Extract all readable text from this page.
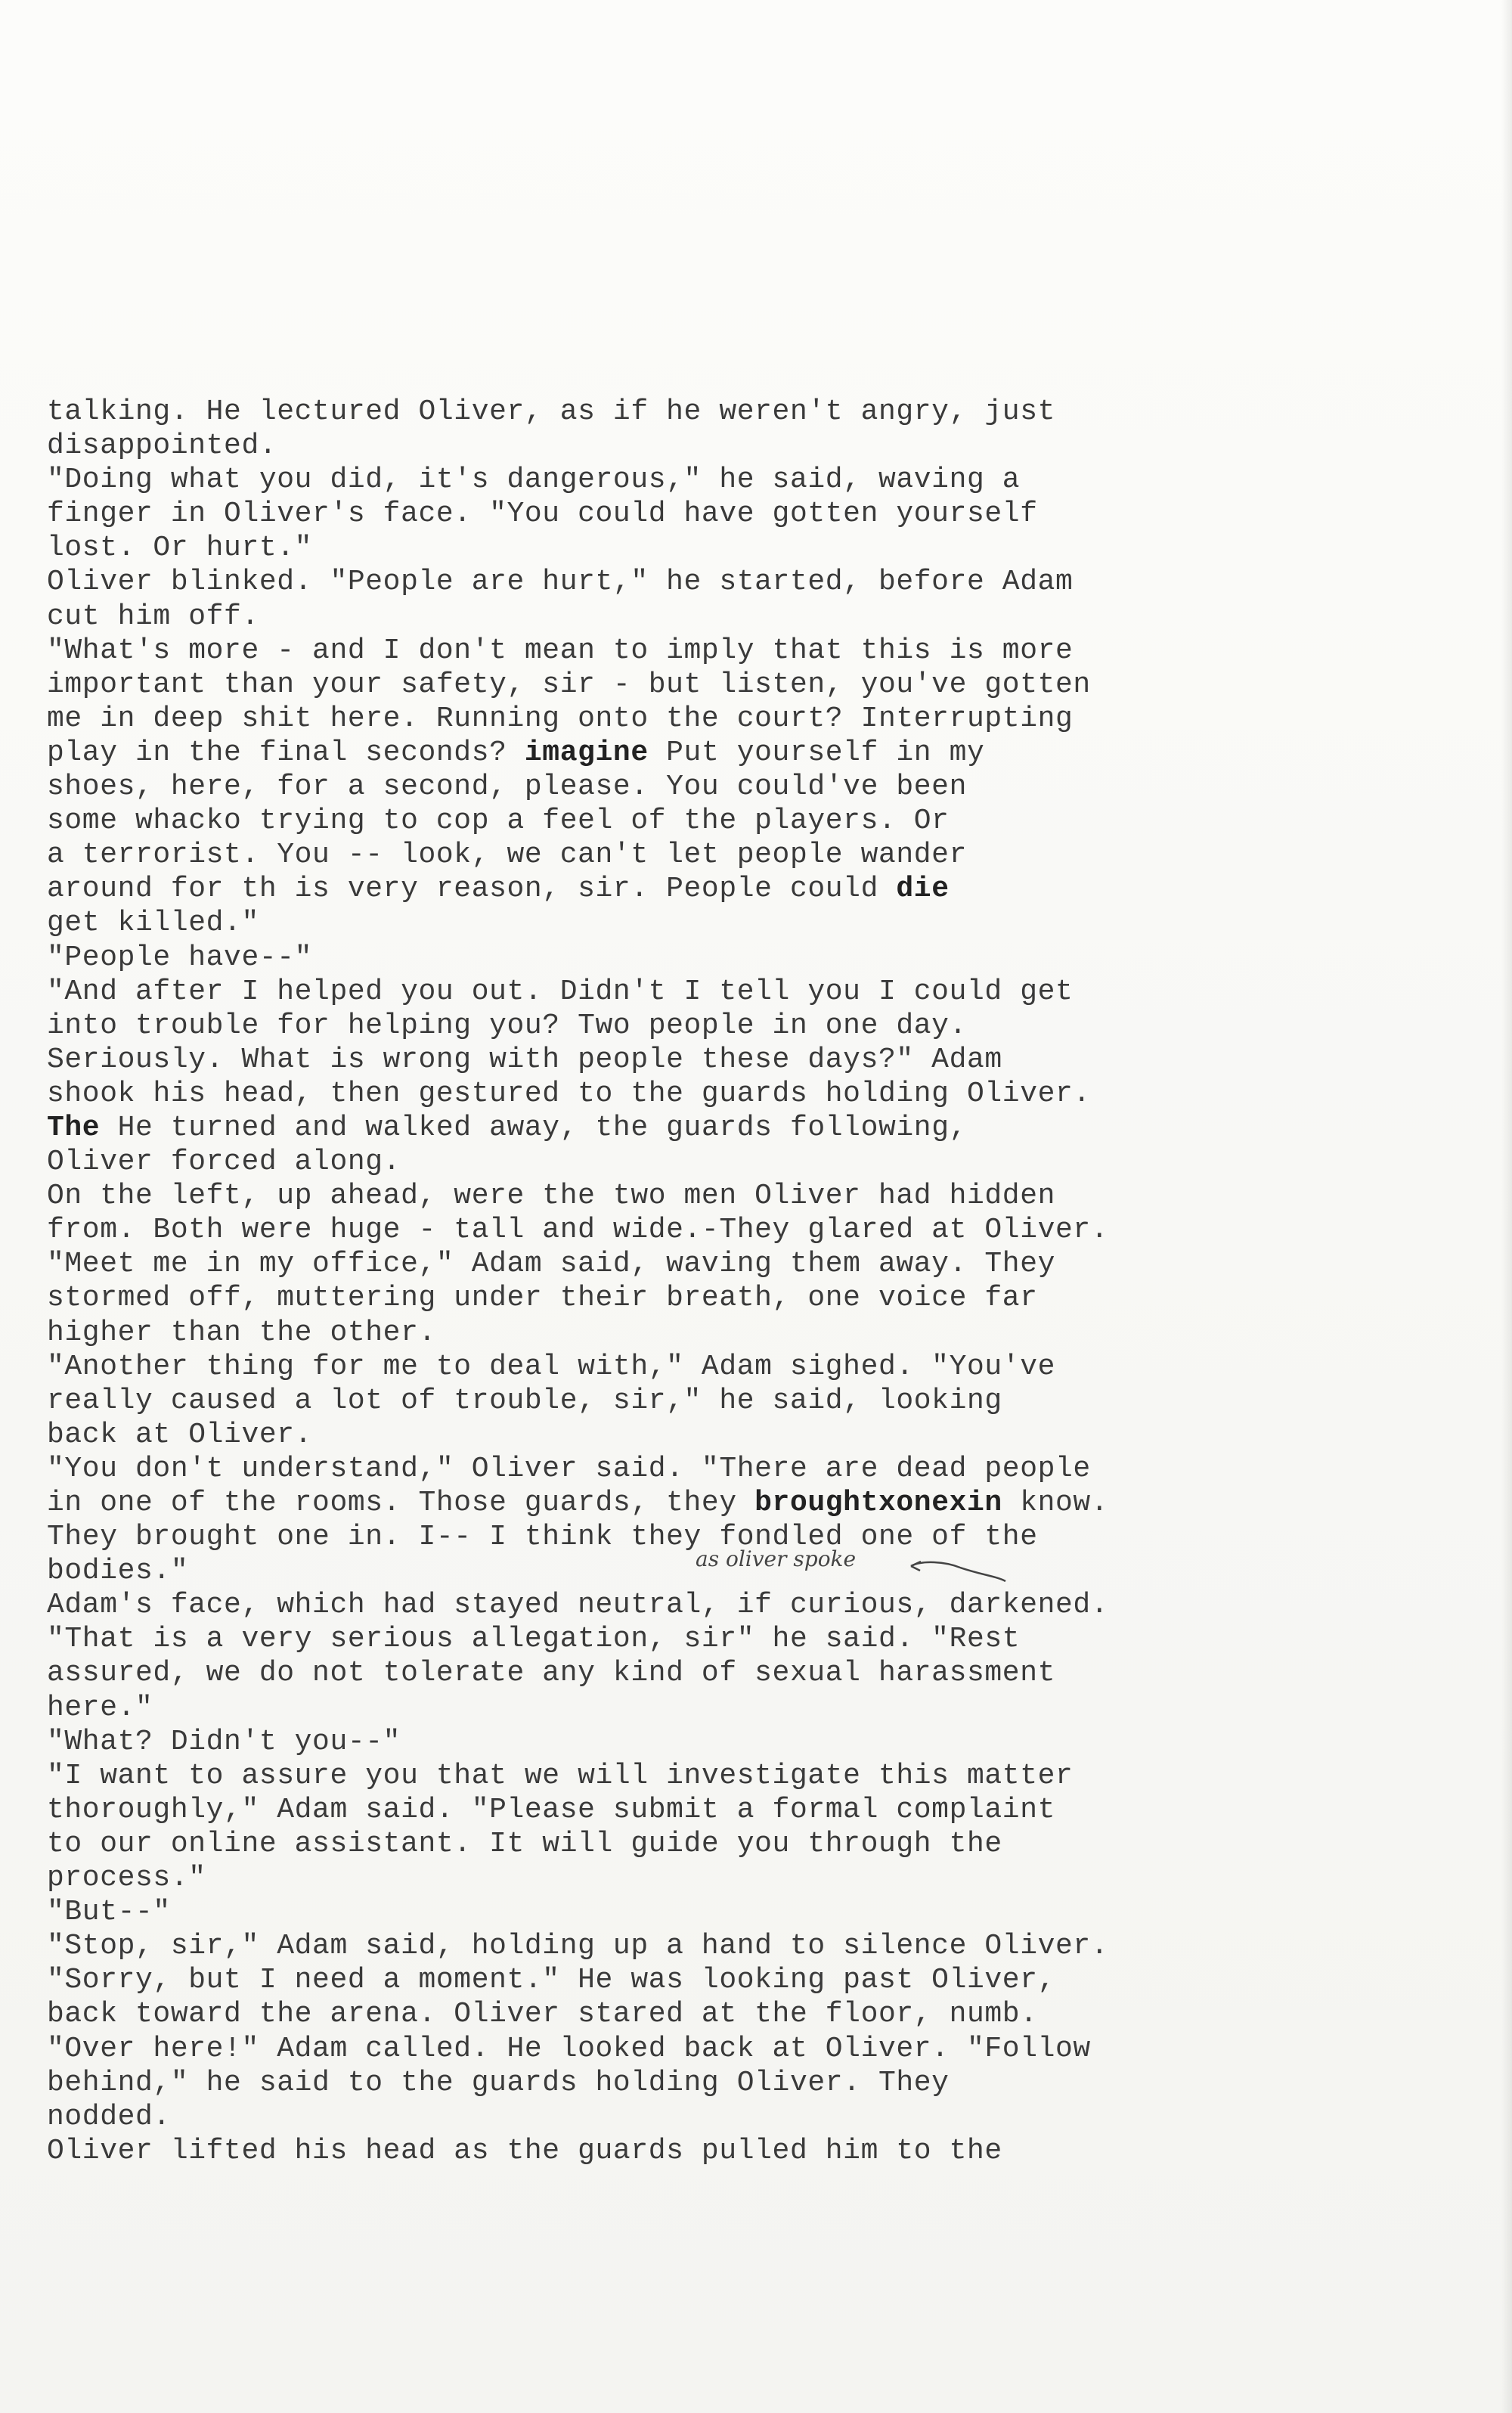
talking. He lectured Oliver, as if he weren't angry, just
disappointed.
"Doing what you did, it's dangerous," he said, waving a
finger in Oliver's face. "You could have gotten yourself
lost. Or hurt."
Oliver blinked. "People are hurt," he started, before Adam
cut him off.
"What's more - and I don't mean to imply that this is more
important than your safety, sir - but listen, you've gotten
me in deep shit here. Running onto the court? Interrupting
play in the final seconds? imagine Put yourself in my
shoes, here, for a second, please. You could've been
some whacko trying to cop a feel of the players. Or
a terrorist. You -- look, we can't let people wander
around for th is very reason, sir. People could die
get killed."
"People have--"
"And after I helped you out. Didn't I tell you I could get
into trouble for helping you? Two people in one day.
Seriously. What is wrong with people these days?" Adam
shook his head, then gestured to the guards holding Oliver.
The He turned and walked away, the guards following,
Oliver forced along.
On the left, up ahead, were the two men Oliver had hidden
from. Both were huge - tall and wide.-They glared at Oliver.
"Meet me in my office," Adam said, waving them away. They
stormed off, muttering under their breath, one voice far
higher than the other.
"Another thing for me to deal with," Adam sighed. "You've
really caused a lot of trouble, sir," he said, looking
back at Oliver.
"You don't understand," Oliver said. "There are dead people
in one of the rooms. Those guards, they broughtxonexin know.
They brought one in. I-- I think they fondled one of the
bodies."
Adam's face, which had stayed neutral, if curious, darkened.
"That is a very serious allegation, sir" he said. "Rest
assured, we do not tolerate any kind of sexual harassment
here."
"What? Didn't you--"
"I want to assure you that we will investigate this matter
thoroughly," Adam said. "Please submit a formal complaint
to our online assistant. It will guide you through the
process."
"But--"
"Stop, sir," Adam said, holding up a hand to silence Oliver.
"Sorry, but I need a moment." He was looking past Oliver,
back toward the arena. Oliver stared at the floor, numb.
"Over here!" Adam called. He looked back at Oliver. "Follow
behind," he said to the guards holding Oliver. They
nodded.
Oliver lifted his head as the guards pulled him to the
as oliver spoke
